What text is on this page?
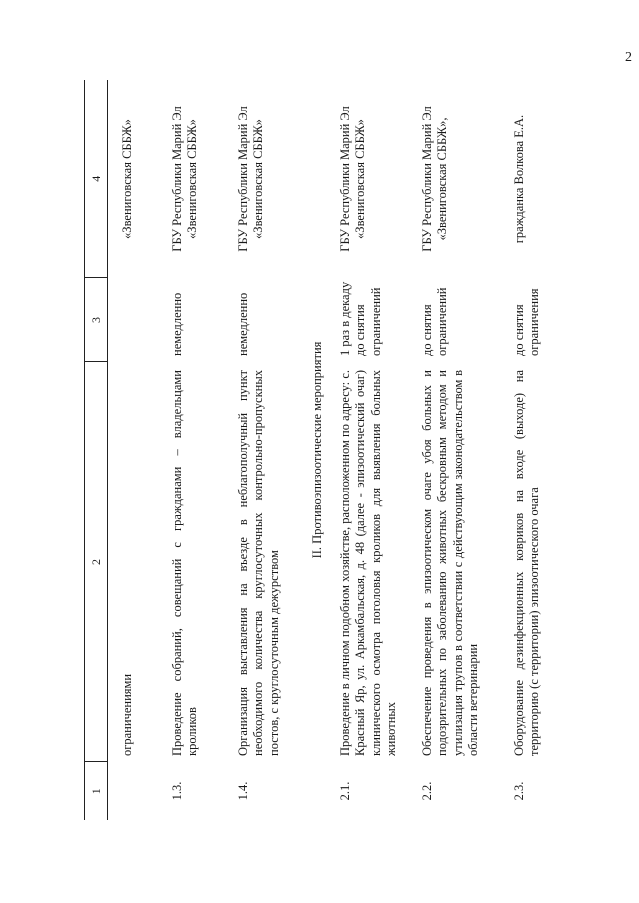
2
1	2	3	4

	ограничениями		«Звениговская СББЖ»
1.3.	Проведение собраний, совещаний с гражданами – владельцами кроликов	немедленно	ГБУ Республики Марий Эл «Звениговская СББЖ»
1.4.	Организация выставления на въезде в неблагополучный пункт необходимого количества круглосуточных контрольно-пропускных постов, с круглосуточным дежурством	немедленно	ГБУ Республики Марий Эл «Звениговская СББЖ»
II. Противоэпизоотические мероприятия			
2.1.	Проведение в личном подобном хозяйстве, расположенном по адресу: с. Красный Яр, ул. Аркамбальская, д. 48 (далее - эпизоотический очаг) клинического осмотра поголовья кроликов для выявления больных животных	1 раз в декаду до снятия ограничений	ГБУ Республики Марий Эл «Звениговская СББЖ»
2.2.	Обеспечение проведения в эпизоотическом очаге убоя больных и подозрительных по заболеванию животных бескровным методом и утилизация трупов в соответствии с действующим законодательством в области ветеринарии	до снятия ограничений	ГБУ Республики Марий Эл «Звениговская СББЖ»,
2.3.	Оборудование дезинфекционных ковриков на входе (выходе) на территорию (с территории) эпизоотического очага	до снятия ограничения	гражданка Волкова Е.А.
